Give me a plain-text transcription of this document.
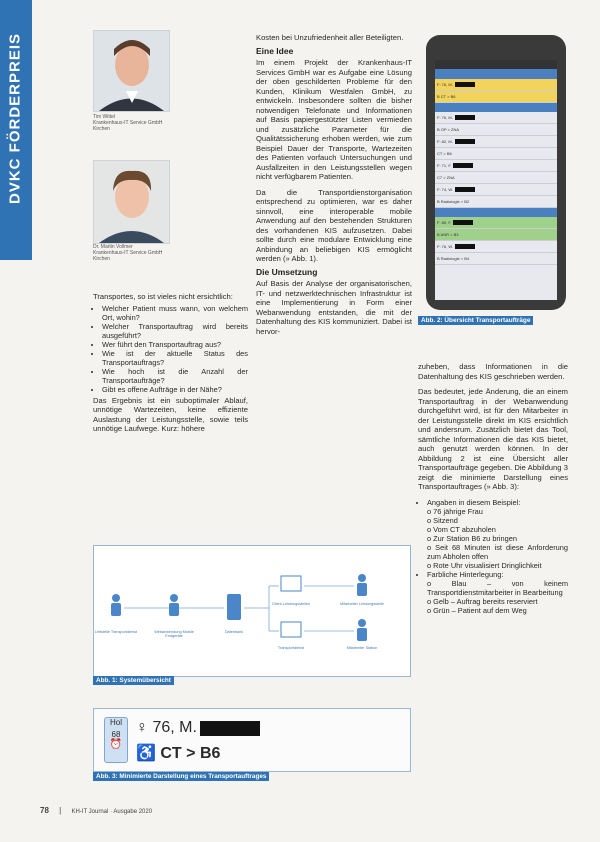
DVKC FÖRDERPREIS	Tim Wittel
Krankenhaus-IT Service GmbH
Kirchen
Dr. Martin Vollmer
Krankenhaus-IT Service GmbH
Kirchen

Transportes, so ist vieles nicht ersichtlich:

• Welcher Patient muss wann, von welchem Ort, wohin?
• Welcher Transportauftrag wird bereits ausgeführt?
• Wer führt den Transportauftrag aus?
• Wie ist der aktuelle Status des Transportauftrags?
• Wie hoch ist die Anzahl der Transportaufträge?
• Gibt es offene Aufträge in der Nähe?

Das Ergebnis ist ein suboptimaler Ablauf, unnötige Wartezeiten, keine effiziente Auslastung der Leistungsstelle, sowie teils unnötige Laufwege. Kurz: höhere

Kosten bei Unzufriedenheit aller Beteiligten.

Eine Idee

Im einem Projekt der Krankenhaus-IT Services GmbH war es Aufgabe eine Lösung der oben geschilderten Probleme für den Kunden, Klinikum Westfalen GmbH, zu entwickeln. Insbesondere sollten die bisher notwendigen Telefonate und Informationen auf Basis papiergestützter Listen vermieden und zusätzliche Parameter für die Qualitätssicherung erhoben werden, wie zum Beispiel Dauer der Transporte, Wartezeiten des Patienten vorfauch Untersuchungen und Ausfallzeiten in den Leistungsstellen wegen nicht verfügbarem Patienten.

Da die Transportdienstorganisation entsprechend zu optimieren, war es daher sinnvoll, eine interoperable mobile Anwendung auf den bestehenden Strukturen des vorhandenen KIS aufzusetzen. Dabei sollte durch eine modulare Entwicklung eine Anbindung an beliebigen KIS ermöglicht werden (» Abb. 1).

Die Umsetzung

Auf Basis der Analyse der organisatorischen, IT- und netzwerktechnischen Infrastruktur ist eine Implementierung in Form einer Webanwendung entstanden, die mit der Datenhaltung des KIS kommuniziert. Dabei ist hervor-

F: 76, M.
B CT > B6
F: 76, M.
B OP > ZNA
F: 82, M.
CT > B6
F: 71, F.
C7 > ZNA
F: 74, W.
B Radiologie > B2
F: 85, F.
B ANR > B3
F: 76, W.
B Radiologie > B4
Abb. 2: Übersicht Transportaufträge

zuheben, dass Informationen in die Datenhaltung des KIS geschrieben werden.

Das bedeutet, jede Änderung, die an einem Transportauftrag in der Webanwendung durchgeführt wird, ist für den Mitarbeiter in der Leistungsstelle direkt im KIS ersichtlich und andersrum. Zusätzlich bietet das Tool, sämtliche Informationen die das KIS bietet, auch genutzt werden können. In der Abbildung 2 ist eine Übersicht aller Transportaufträge gegeben. Die Abbildung 3 zeigt die minimierte Darstellung eines Transportauftrages (» Abb. 3):

• Angaben in diesem Beispiel:
o 76 jährige Frau
o Sitzend
o Vom CT abzuholen
o Zur Station B6 zu bringen
o Seit 68 Minuten ist diese Anforderung zum Abholen offen
o Rote Uhr visualisiert Dringlichkeit
• Farbliche Hinterlegung:
o Blau – von keinem Transportdienstmitarbeiter in Bearbeitung
o Gelb – Auftrag bereits reserviert
o Grün – Patient auf dem Weg
Leitstelle Transportdienst	Webanwendung Mobile Endgeräte
Datenbank
Client-Leistungsstellen
Transportdienst
Mitarbeiter Leistungsstelle
Mitarbeiter Station
Abb. 1: Systemübersicht
Hol
68
⏰
♀ 76, M.
♿ CT > B6
Abb. 3: Minimierte Darstellung eines Transportauftrages
78 | KH-IT Journal · Ausgabe 2020
